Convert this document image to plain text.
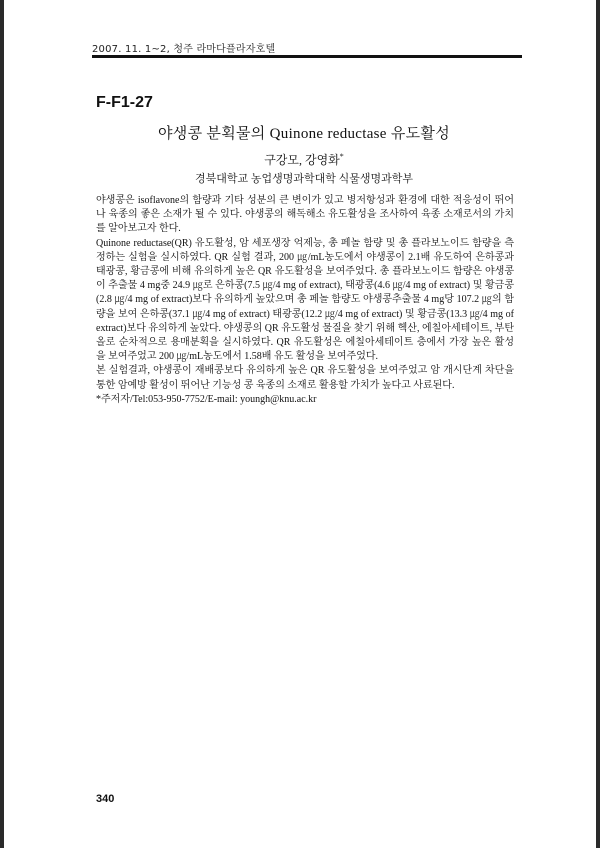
2007. 11. 1~2, 청주 라마다플라자호텔
F-F1-27
야생콩 분획물의 Quinone reductase 유도활성
구강모, 강영화*
경북대학교 농업생명과학대학 식물생명과학부

야생콩은 isoflavone의 함량과 기타 성분의 큰 변이가 있고 병저항성과 환경에 대한 적응성이 뛰어나 육종의 좋은 소재가 될 수 있다. 야생콩의 해독해소 유도활성을 조사하여 육종 소재로서의 가치를 알아보고자 한다.

Quinone reductase(QR) 유도활성, 암 세포생장 억제능, 총 페놀 함량 및 총 플라보노이드 함량을 측정하는 실험을 실시하였다. QR 실험 결과, 200 ㎍/mL농도에서 야생콩이 2.1배 유도하여 은하콩과 태광콩, 황금콩에 비해 유의하게 높은 QR 유도활성을 보여주었다. 총 플라보노이드 함량은 야생콩이 추출물 4 mg중 24.9 ㎍로 은하콩(7.5 ㎍/4 mg of extract), 태광콩(4.6 ㎍/4 mg of extract) 및 황금콩(2.8 ㎍/4 mg of extract)보다 유의하게 높았으며 총 페놀 함량도 야생콩추출물 4 mg당 107.2 ㎍의 함량을 보여 은하콩(37.1 ㎍/4 mg of extract) 태광콩(12.2 ㎍/4 mg of extract) 및 황금콩(13.3 ㎍/4 mg of extract)보다 유의하게 높았다. 야생콩의 QR 유도활성 물질을 찾기 위해 헥산, 에칠아세테이트, 부탄올로 순차적으로 용매분획을 실시하였다. QR 유도활성은 에칠아세테이트 층에서 가장 높은 활성을 보여주었고 200 ㎍/mL농도에서 1.58배 유도 활성을 보여주었다.

본 실험결과, 야생콩이 재배콩보다 유의하게 높은 QR 유도활성을 보여주었고 암 개시단계 차단을 통한 암예방 활성이 뛰어난 기능성 콩 육종의 소재로 활용할 가치가 높다고 사료된다.

*주저자/Tel:053-950-7752/E-mail: youngh@knu.ac.kr

340
